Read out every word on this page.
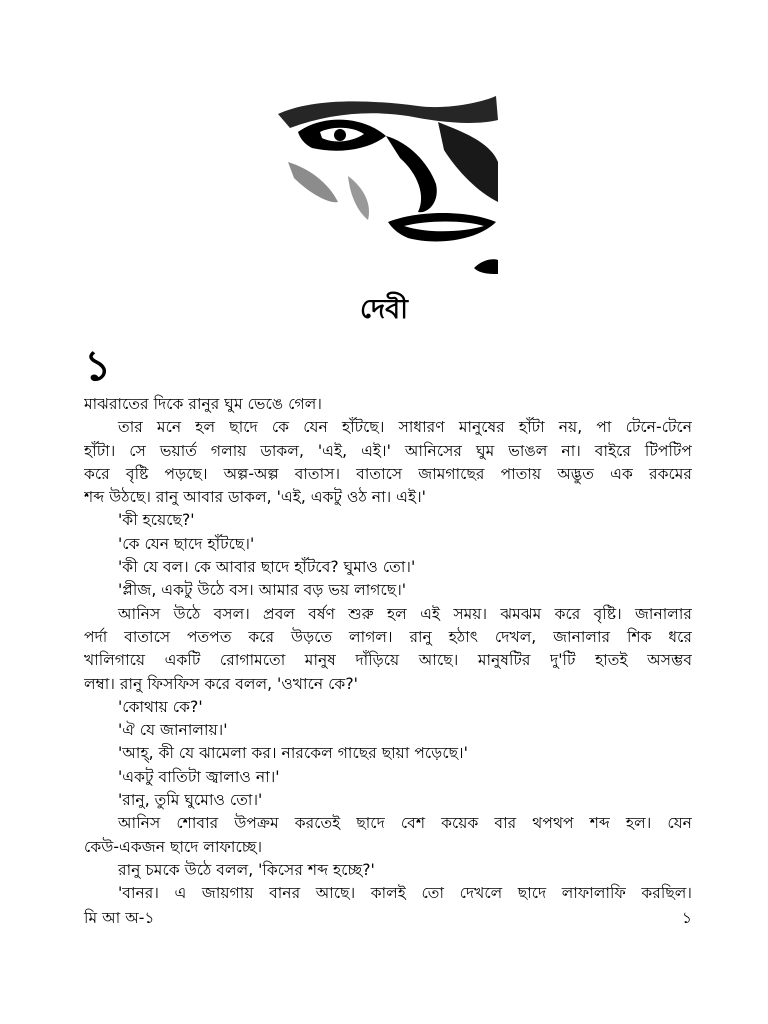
দেবী
১
মাঝরাতের দিকে রানুর ঘুম ভেঙে গেল।
তার মনে হল ছাদে কে যেন হাঁটছে। সাধারণ মানুষের হাঁটা নয়, পা টেনে-টেনে
হাঁটা। সে ভয়ার্ত গলায় ডাকল, 'এই, এই।' আনিসের ঘুম ভাঙল না। বাইরে টিপটিপ
করে বৃষ্টি পড়ছে। অল্প-অল্প বাতাস। বাতাসে জামগাছের পাতায় অদ্ভুত এক রকমের
শব্দ উঠছে। রানু আবার ডাকল, 'এই, একটু ওঠ না। এই।'
'কী হয়েছে?'
'কে যেন ছাদে হাঁটছে।'
'কী যে বল। কে আবার ছাদে হাঁটবে? ঘুমাও তো।'
'প্লীজ, একটু উঠে বস। আমার বড় ভয় লাগছে।'
আনিস উঠে বসল। প্রবল বর্ষণ শুরু হল এই সময়। ঝমঝম করে বৃষ্টি। জানালার
পর্দা বাতাসে পতপত করে উড়তে লাগল। রানু হঠাৎ দেখল, জানালার শিক ধরে
খালিগায়ে একটি রোগামতো মানুষ দাঁড়িয়ে আছে। মানুষটির দু'টি হাতই অসম্ভব
লম্বা। রানু ফিসফিস করে বলল, 'ওখানে কে?'
'কোথায় কে?'
'ঐ যে জানালায়।'
'আহ্, কী যে ঝামেলা কর। নারকেল গাছের ছায়া পড়েছে।'
'একটু বাতিটা জ্বালাও না।'
'রানু, তুমি ঘুমোও তো।'
আনিস শোবার উপক্রম করতেই ছাদে বেশ কয়েক বার থপথপ শব্দ হল। যেন
কেউ-একজন ছাদে লাফাচ্ছে।
রানু চমকে উঠে বলল, 'কিসের শব্দ হচ্ছে?'
'বানর। এ জায়গায় বানর আছে। কালই তো দেখলে ছাদে লাফালাফি করছিল।
মি আ অ-১	১
